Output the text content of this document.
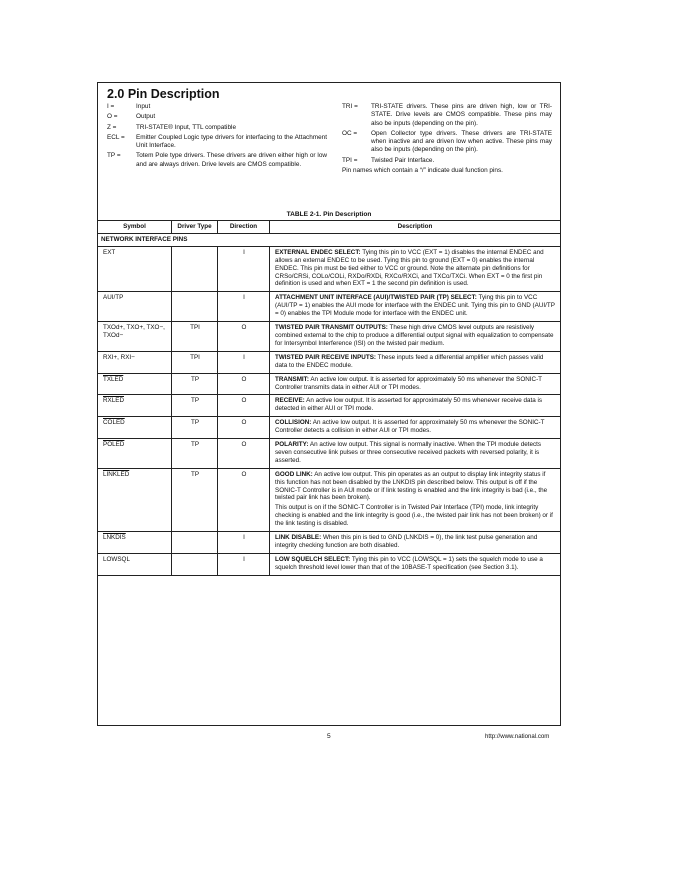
2.0 Pin Description
I =	Input
O =	Output
Z =	TRI-STATE® Input, TTL compatible
ECL =	Emitter Coupled Logic type drivers for interfacing to the Attachment Unit Interface.
TP =	Totem Pole type drivers. These drivers are driven either high or low and are always driven. Drive levels are CMOS compatible.
TRI =	TRI-STATE drivers. These pins are driven high, low or TRI-STATE. Drive levels are CMOS compatible. These pins may also be inputs (depending on the pin).
OC =	Open Collector type drivers. These drivers are TRI-STATE when inactive and are driven low when active. These pins may also be inputs (depending on the pin).
TPI =	Twisted Pair Interface.
Pin names which contain a “/” indicate dual function pins.
TABLE 2-1. Pin Description
Symbol	Driver Type	Direction	Description
NETWORK INTERFACE PINS			
EXT		I	EXTERNAL ENDEC SELECT: Tying this pin to VCC (EXT = 1) disables the internal ENDEC and allows an external ENDEC to be used. Tying this pin to ground (EXT = 0) enables the internal ENDEC. This pin must be tied either to VCC or ground. Note the alternate pin definitions for CRSo/CRSi, COLo/COLi, RXDo/RXDi, RXCo/RXCi, and TXCo/TXCi. When EXT = 0 the first pin definition is used and when EXT = 1 the second pin definition is used.
AUI/TP		I	ATTACHMENT UNIT INTERFACE (AUI)/TWISTED PAIR (TP) SELECT: Tying this pin to VCC (AUI/TP = 1) enables the AUI mode for interface with the ENDEC unit. Tying this pin to GND (AUI/TP = 0) enables the TPI Module mode for interface with the ENDEC unit.
TXOd+, TXO+, TXO−, TXOd−	TPI	O	TWISTED PAIR TRANSMIT OUTPUTS: These high drive CMOS level outputs are resistively combined external to the chip to produce a differential output signal with equalization to compensate for Intersymbol Interference (ISI) on the twisted pair medium.
RXI+, RXI−	TPI	I	TWISTED PAIR RECEIVE INPUTS: These inputs feed a differential amplifier which passes valid data to the ENDEC module.
TXLED	TP	O	TRANSMIT: An active low output. It is asserted for approximately 50 ms whenever the SONIC-T Controller transmits data in either AUI or TPI modes.
RXLED	TP	O	RECEIVE: An active low output. It is asserted for approximately 50 ms whenever receive data is detected in either AUI or TPI mode.
COLED	TP	O	COLLISION: An active low output. It is asserted for approximately 50 ms whenever the SONIC-T Controller detects a collision in either AUI or TPI modes.
POLED	TP	O	POLARITY: An active low output. This signal is normally inactive. When the TPI module detects seven consecutive link pulses or three consecutive received packets with reversed polarity, it is asserted.
LINKLED	TP	O	GOOD LINK: An active low output. This pin operates as an output to display link integrity status if this function has not been disabled by the LNKDIS pin described below. This output is off if the SONIC-T Controller is in AUI mode or if link testing is enabled and the link integrity is bad (i.e., the twisted pair link has been broken).
This output is on if the SONIC-T Controller is in Twisted Pair Interface (TPI) mode, link integrity checking is enabled and the link integrity is good (i.e., the twisted pair link has not been broken) or if the link testing is disabled.

LNKDIS		I	LINK DISABLE: When this pin is tied to GND (LNKDIS = 0), the link test pulse generation and integrity checking function are both disabled.
LOWSQL		I	LOW SQUELCH SELECT: Tying this pin to VCC (LOWSQL = 1) sets the squelch mode to use a squelch threshold level lower than that of the 10BASE-T specification (see Section 3.1).
5	http://www.national.com
